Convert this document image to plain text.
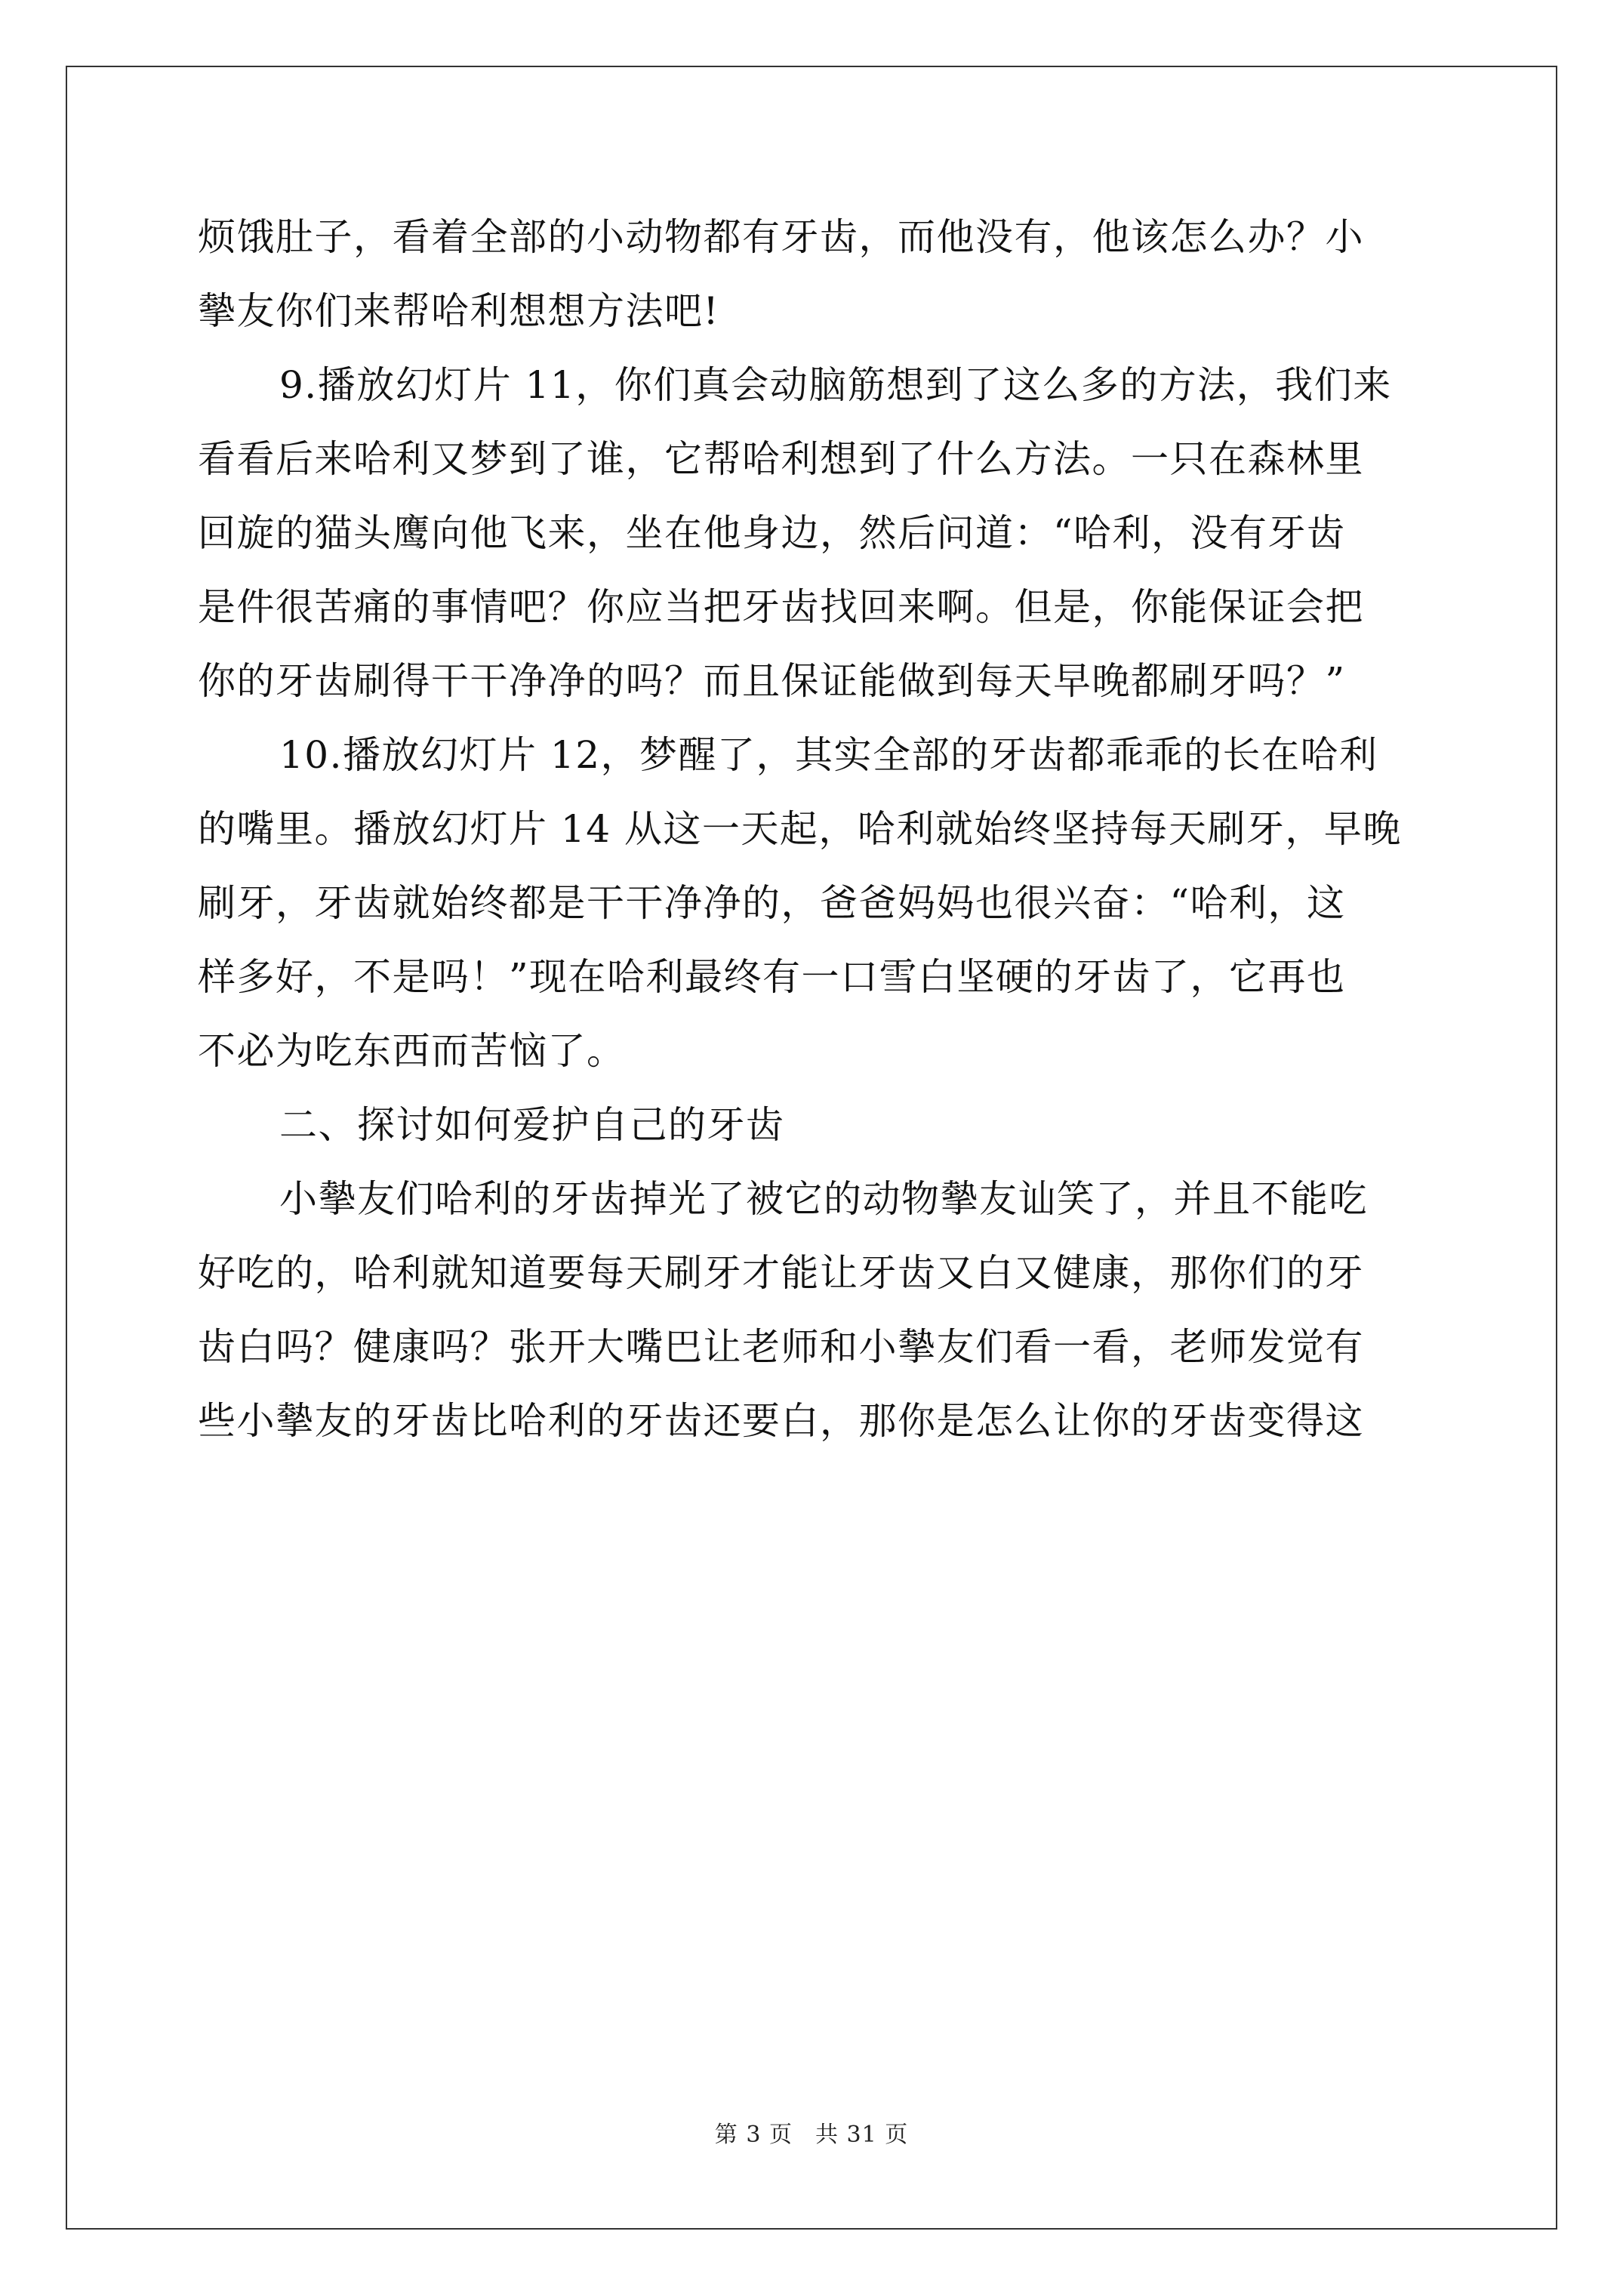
烦饿肚子，看着全部的小动物都有牙齿，而他没有，他该怎么办？小
摰友你们来帮哈利想想方法吧!
9.播放幻灯片 11，你们真会动脑筋想到了这么多的方法，我们来
看看后来哈利又梦到了谁，它帮哈利想到了什么方法。一只在森林里
回旋的猫头鹰向他飞来，坐在他身边，然后问道：“哈利，没有牙齿
是件很苦痛的事情吧？你应当把牙齿找回来啊。但是，你能保证会把
你的牙齿刷得干干净净的吗？而且保证能做到每天早晚都刷牙吗？”
10.播放幻灯片 12，梦醒了，其实全部的牙齿都乖乖的长在哈利
的嘴里。播放幻灯片 14 从这一天起，哈利就始终坚持每天刷牙，早晚
刷牙，牙齿就始终都是干干净净的，爸爸妈妈也很兴奋：“哈利，这
样多好，不是吗！”现在哈利最终有一口雪白坚硬的牙齿了，它再也
不必为吃东西而苦恼了。
二、探讨如何爱护自己的牙齿
小摰友们哈利的牙齿掉光了被它的动物摰友讪笑了，并且不能吃
好吃的，哈利就知道要每天刷牙才能让牙齿又白又健康，那你们的牙
齿白吗？健康吗？张开大嘴巴让老师和小摰友们看一看，老师发觉有
些小摰友的牙齿比哈利的牙齿还要白，那你是怎么让你的牙齿变得这
第 3 页 共 31 页
